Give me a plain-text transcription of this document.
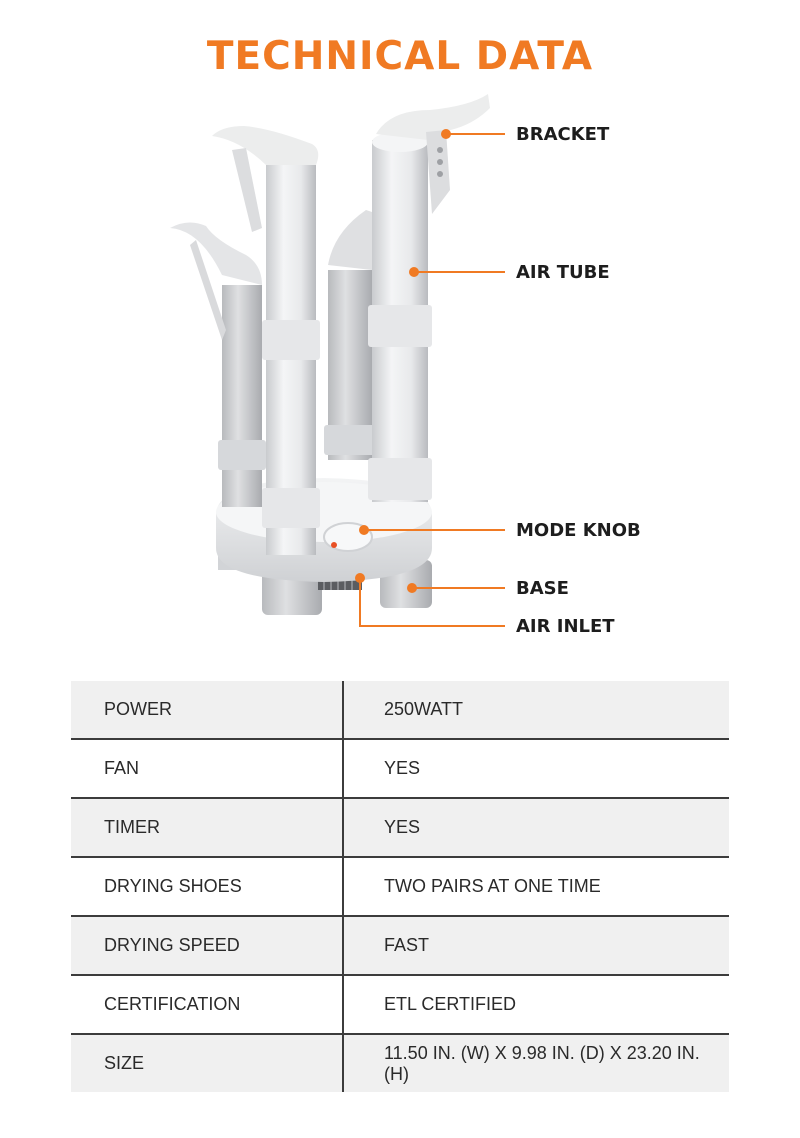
TECHNICAL DATA
BRACKET
AIR TUBE
MODE KNOB
BASE
AIR INLET
POWER	250WATT
FAN	YES
TIMER	YES
DRYING SHOES	TWO PAIRS AT ONE TIME
DRYING SPEED	FAST
CERTIFICATION	ETL CERTIFIED
SIZE	11.50 IN. (W) X 9.98 IN. (D) X 23.20 IN. (H)
